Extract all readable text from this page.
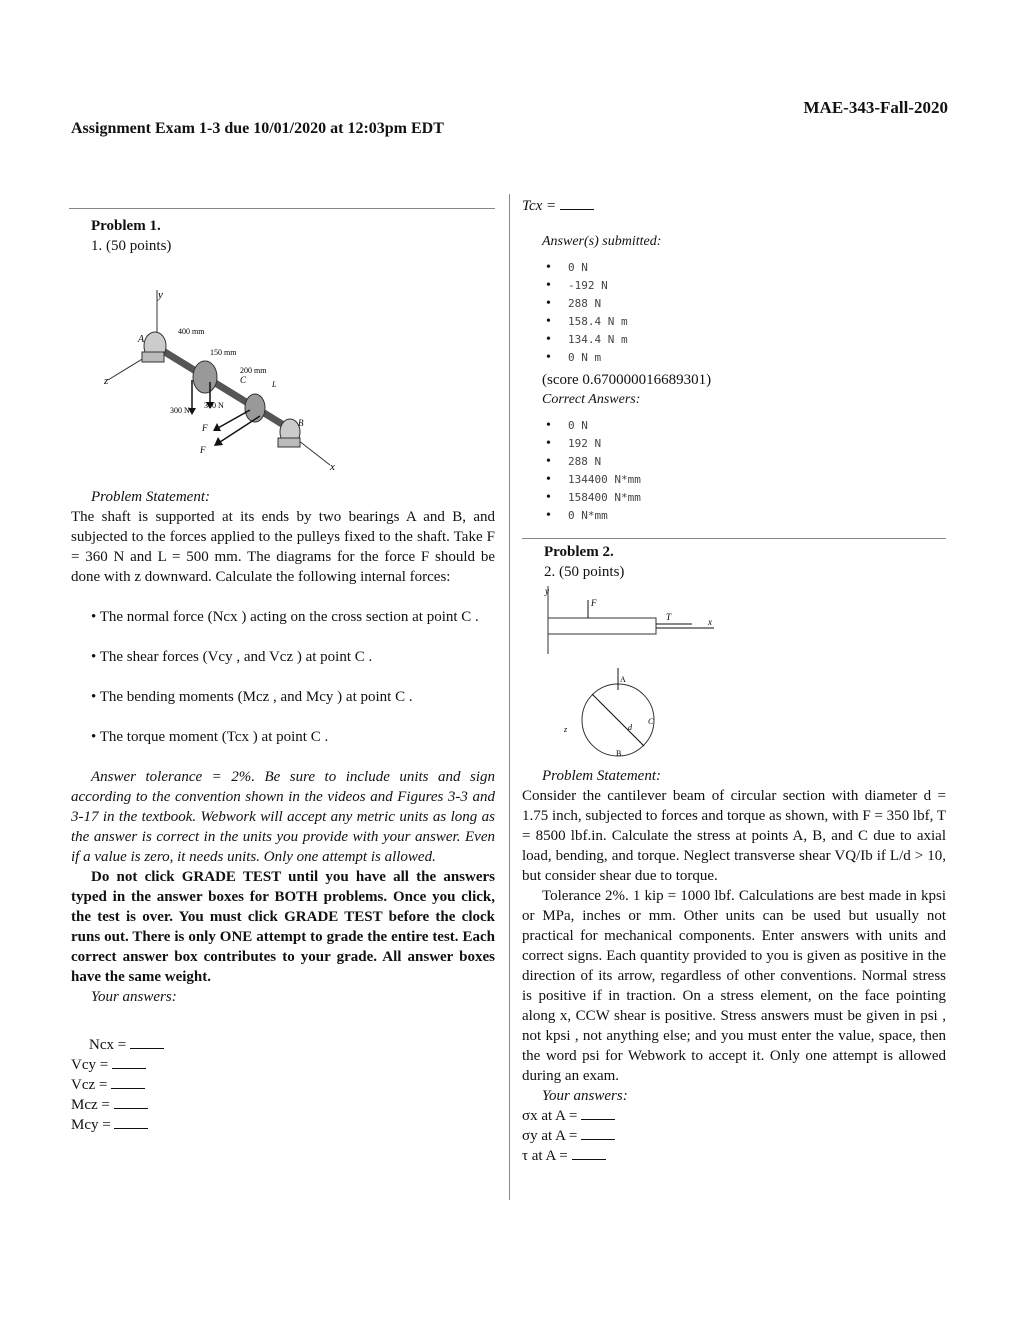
MAE-343-Fall-2020
Assignment Exam 1-3 due 10/01/2020 at 12:03pm EDT
Problem 1.
1. (50 points)
y
z
x
A
B
400 mm
150 mm
200 mm
C	L
300 N
300 N
F
F
Problem Statement:

The shaft is supported at its ends by two bearings A and B, and subjected to the forces applied to the pulleys fixed to the shaft. Take F = 360 N and L = 500 mm. The diagrams for the force F should be done with z downward. Calculate the following internal forces:

• The normal force (Ncx ) acting on the cross section at point C .
• The shear forces (Vcy , and Vcz ) at point C .
• The bending moments (Mcz , and Mcy ) at point C .
• The torque moment (Tcx ) at point C .

Answer tolerance = 2%. Be sure to include units and sign according to the convention shown in the videos and Figures 3-3 and 3-17 in the textbook. Webwork will accept any metric units as long as the answer is correct in the units you provide with your answer. Even if a value is zero, it needs units. Only one attempt is allowed.

Do not click GRADE TEST until you have all the answers typed in the answer boxes for BOTH problems. Once you click, the test is over. You must click GRADE TEST before the clock runs out. There is only ONE attempt to grade the entire test. Each correct answer box contributes to your grade. All answer boxes have the same weight.

Your answers:
Ncx =
Vcy =
Vcz =
Mcz =
Mcy =
Tcx =
Answer(s) submitted:
• 0 N
• -192 N
• 288 N
• 158.4 N m
• 134.4 N m
• 0 N m
(score 0.670000016689301)
Correct Answers:
• 0 N
• 192 N
• 288 N
• 134400 N*mm
• 158400 N*mm
• 0 N*mm
Problem 2.
2. (50 points)
y
F
T	x
A
C
B
z	d
Problem Statement:

Consider the cantilever beam of circular section with diameter d = 1.75 inch, subjected to forces and torque as shown, with F = 350 lbf, T = 8500 lbf.in. Calculate the stress at points A, B, and C due to axial load, bending, and torque. Neglect transverse shear VQ/Ib if L/d > 10, but consider shear due to torque.

Tolerance 2%. 1 kip = 1000 lbf. Calculations are best made in kpsi or MPa, inches or mm. Other units can be used but usually not practical for mechanical components. Enter answers with units and correct signs. Each quantity provided to you is given as positive in the direction of its arrow, regardless of other conventions. Normal stress is positive if in traction. On a stress element, on the face pointing along x, CCW shear is positive. Stress answers must be given in psi , not kpsi , not anything else; and you must enter the value, space, then the word psi for Webwork to accept it. Only one attempt is allowed during an exam.

Your answers:
σx at A =
σy at A =
τ at A =
